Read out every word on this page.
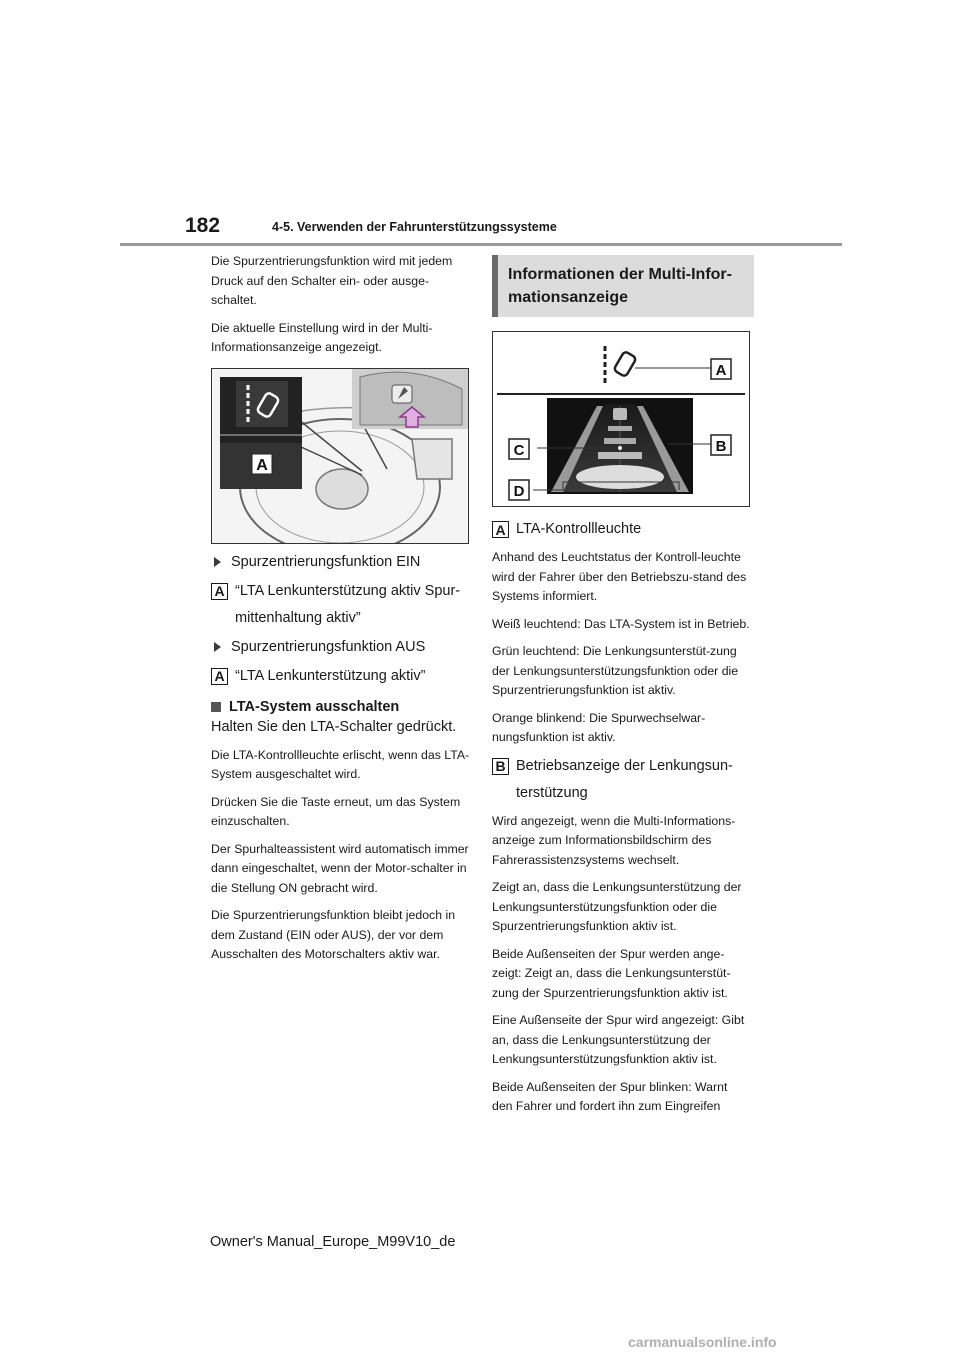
182	4-5. Verwenden der Fahrunterstützungssysteme

Die Spurzentrierungsfunktion wird mit jedem Druck auf den Schalter ein- oder ausge-schaltet.

Die aktuelle Einstellung wird in der Multi-Informationsanzeige angezeigt.

A
Spurzentrierungsfunktion EIN
A “LTA Lenkunterstützung aktiv Spur-
mittenhaltung aktiv”
Spurzentrierungsfunktion AUS
A “LTA Lenkunterstützung aktiv”
LTA-System ausschalten

Halten Sie den LTA-Schalter gedrückt.

Die LTA-Kontrollleuchte erlischt, wenn das LTA-System ausgeschaltet wird.

Drücken Sie die Taste erneut, um das System einzuschalten.

Der Spurhalteassistent wird automatisch immer dann eingeschaltet, wenn der Motor-schalter in die Stellung ON gebracht wird.

Die Spurzentrierungsfunktion bleibt jedoch in dem Zustand (EIN oder AUS), der vor dem Ausschalten des Motorschalters aktiv war.

Informationen der Multi-Infor-mationsanzeige
A
C	B
D
A LTA-Kontrollleuchte

Anhand des Leuchtstatus der Kontroll-leuchte wird der Fahrer über den Betriebszu-stand des Systems informiert.

Weiß leuchtend: Das LTA-System ist in Betrieb.

Grün leuchtend: Die Lenkungsunterstüt-zung der Lenkungsunterstützungsfunktion oder die Spurzentrierungsfunktion ist aktiv.

Orange blinkend: Die Spurwechselwar-nungsfunktion ist aktiv.

B Betriebsanzeige der Lenkungsun-
terstützung

Wird angezeigt, wenn die Multi-Informations-anzeige zum Informationsbildschirm des Fahrerassistenzsystems wechselt.

Zeigt an, dass die Lenkungsunterstützung der Lenkungsunterstützungsfunktion oder die Spurzentrierungsfunktion aktiv ist.

Beide Außenseiten der Spur werden ange-zeigt: Zeigt an, dass die Lenkungsunterstüt-zung der Spurzentrierungsfunktion aktiv ist.

Eine Außenseite der Spur wird angezeigt: Gibt an, dass die Lenkungsunterstützung der Lenkungsunterstützungsfunktion aktiv ist.

Beide Außenseiten der Spur blinken: Warnt den Fahrer und fordert ihn zum Eingreifen

Owner's Manual_Europe_M99V10_de
carmanualsonline.info
